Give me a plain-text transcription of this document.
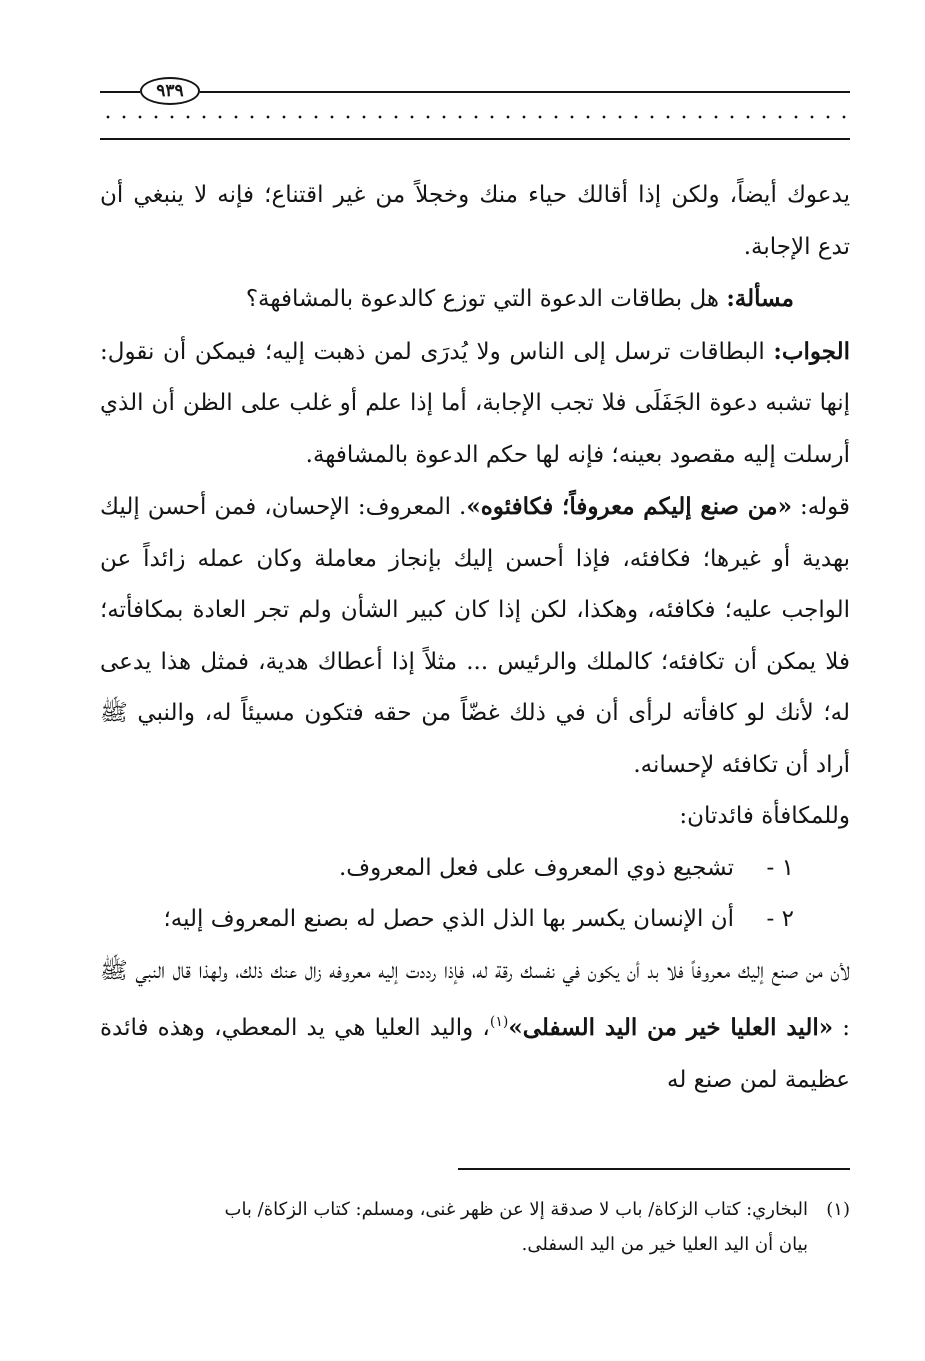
٩٣٩

يدعوك أيضاً، ولكن إذا أقالك حياء منك وخجلاً من غير اقتناع؛ فإنه لا ينبغي أن تدع الإجابة.

مسألة: هل بطاقات الدعوة التي توزع كالدعوة بالمشافهة؟

الجواب: البطاقات ترسل إلى الناس ولا يُدرَى لمن ذهبت إليه؛ فيمكن أن نقول: إنها تشبه دعوة الجَفَلَى فلا تجب الإجابة، أما إذا علم أو غلب على الظن أن الذي أرسلت إليه مقصود بعينه؛ فإنه لها حكم الدعوة بالمشافهة.

قوله: «من صنع إليكم معروفاً؛ فكافئوه». المعروف: الإحسان، فمن أحسن إليك بهدية أو غيرها؛ فكافئه، فإذا أحسن إليك بإنجاز معاملة وكان عمله زائداً عن الواجب عليه؛ فكافئه، وهكذا، لكن إذا كان كبير الشأن ولم تجر العادة بمكافأته؛ فلا يمكن أن تكافئه؛ كالملك والرئيس ... مثلاً إذا أعطاك هدية، فمثل هذا يدعى له؛ لأنك لو كافأته لرأى أن في ذلك غضّاً من حقه فتكون مسيئاً له، والنبي ﷺ أراد أن تكافئه لإحسانه.

وللمكافأة فائدتان:

١ -تشجيع ذوي المعروف على فعل المعروف.

٢ -أن الإنسان يكسر بها الذل الذي حصل له بصنع المعروف إليه؛

لأن من صنع إليك معروفاً فلا بد أن يكون في نفسك رقة له، فإذا رددت إليه معروفه زال عنك ذلك، ولهذا قال النبي ﷺ : «اليد العليا خير من اليد السفلى»$^{(١)}$، واليد العليا هي يد المعطي، وهذه فائدة عظيمة لمن صنع له

(١)البخاري: كتاب الزكاة/ باب لا صدقة إلا عن ظهر غنى، ومسلم: كتاب الزكاة/ باب
بيان أن اليد العليا خير من اليد السفلى.
